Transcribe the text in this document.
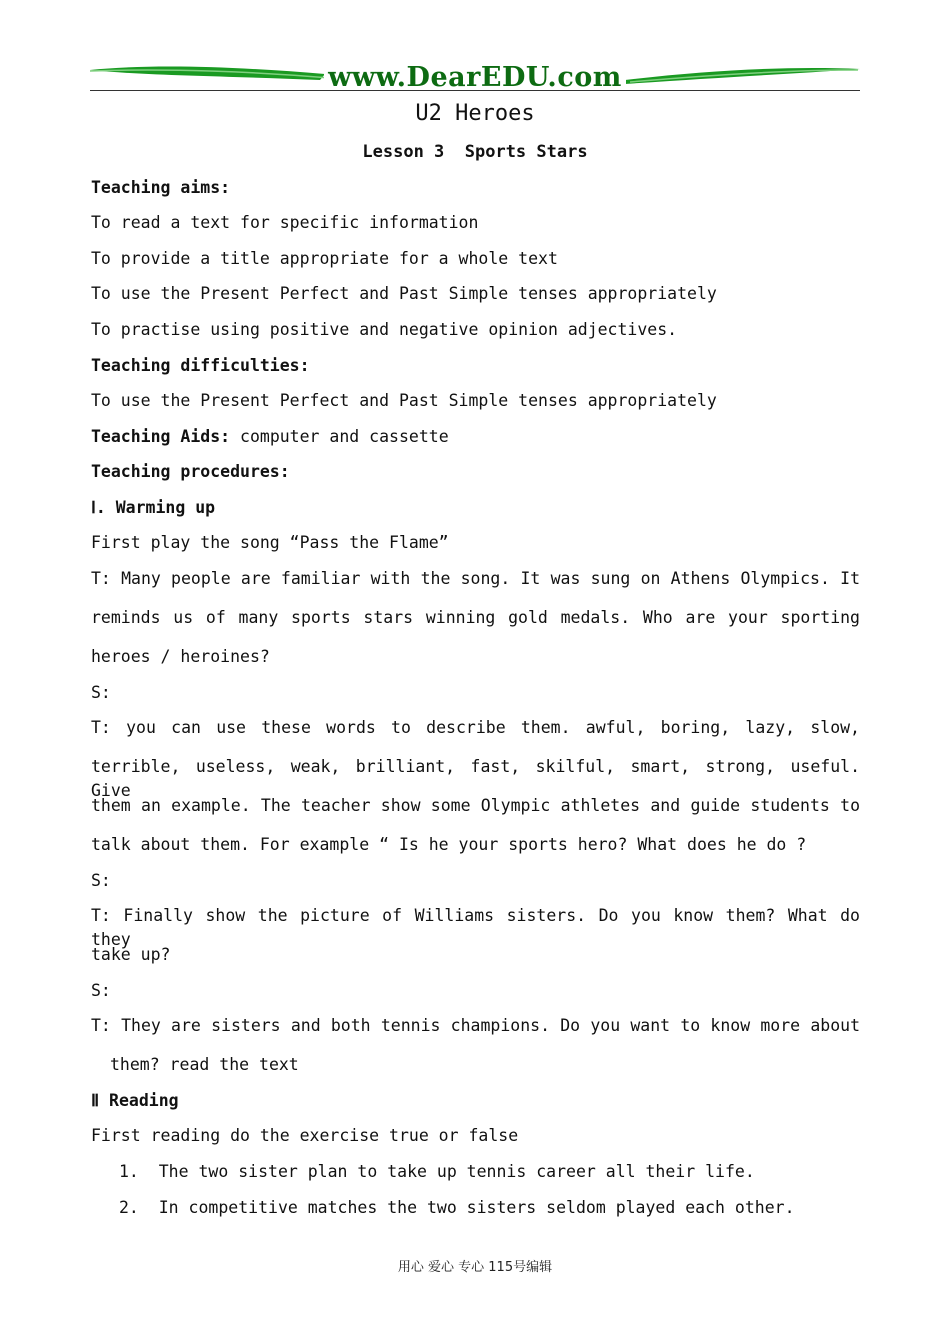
www.DearEDU.com
U2 Heroes
Lesson 3  Sports Stars
Teaching aims:
To read a text for specific information
To provide a title appropriate for a whole text
To use the Present Perfect and Past Simple tenses appropriately
To practise using positive and negative opinion adjectives.
Teaching difficulties:
To use the Present Perfect and Past Simple tenses appropriately
Teaching Aids: computer and cassette
Teaching procedures:
Ⅰ. Warming up
First play the song “Pass the Flame”
T: Many people are familiar with the song. It was sung on Athens Olympics. It
reminds us of many sports stars winning gold medals. Who are your sporting
heroes / heroines?
S:
T: you can use these words to describe them. awful, boring, lazy, slow,
terrible, useless, weak, brilliant, fast, skilful, smart, strong, useful. Give
them an example. The teacher show some Olympic athletes and guide students to
talk about them. For example “ Is he your sports hero? What does he do ?
S:
T: Finally show the picture of Williams sisters. Do you know them? What do they
take up?
S:
T: They are sisters and both tennis champions. Do you want to know more about
them? read the text
Ⅱ Reading
First reading do the exercise true or false
1.  The two sister plan to take up tennis career all their life.
2.  In competitive matches the two sisters seldom played each other.
用心 爱心 专心 115号编辑
